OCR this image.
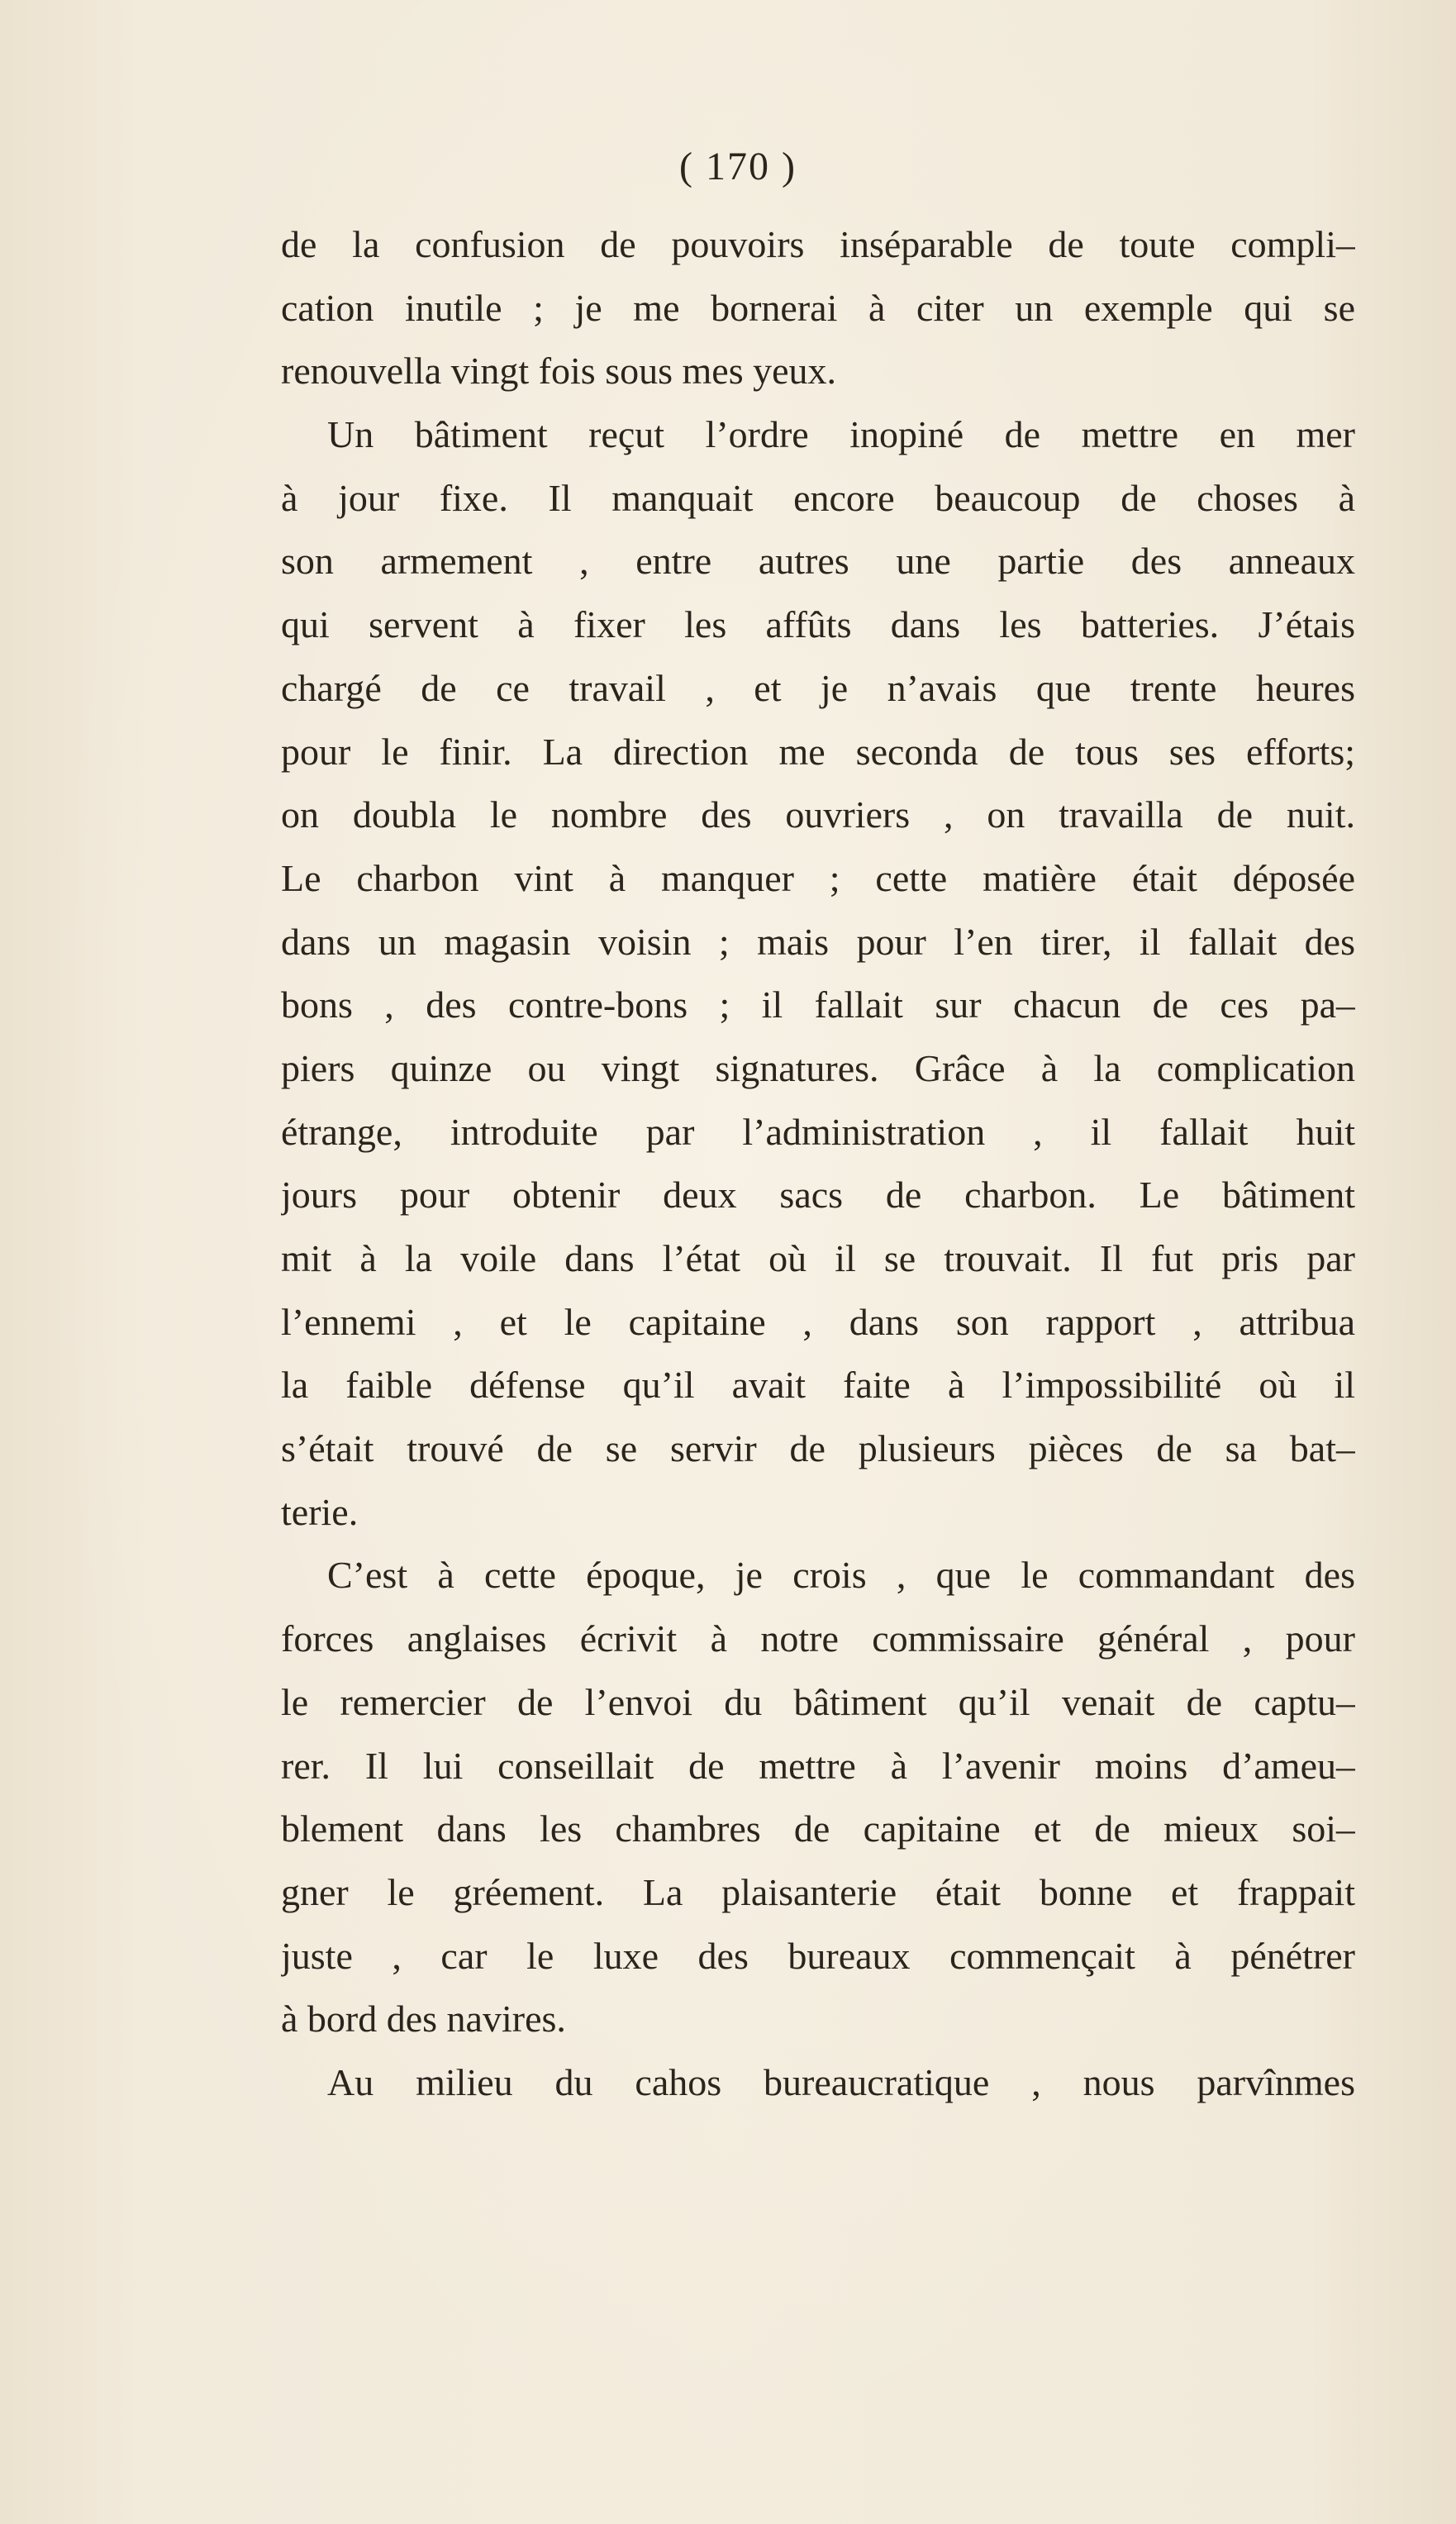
( 170 )
de la confusion de pouvoirs inséparable de toute compli–
cation inutile ; je me bornerai à citer un exemple qui se
renouvella vingt fois sous mes yeux.
Un bâtiment reçut l’ordre inopiné de mettre en mer
à jour fixe. Il manquait encore beaucoup de choses à
son armement , entre autres une partie des anneaux
qui servent à fixer les affûts dans les batteries. J’étais
chargé de ce travail , et je n’avais que trente heures
pour le finir. La direction me seconda de tous ses efforts;
on doubla le nombre des ouvriers , on travailla de nuit.
Le charbon vint à manquer ; cette matière était déposée
dans un magasin voisin ; mais pour l’en tirer, il fallait des
bons , des contre-bons ; il fallait sur chacun de ces pa–
piers quinze ou vingt signatures. Grâce à la complication
étrange, introduite par l’administration , il fallait huit
jours pour obtenir deux sacs de charbon. Le bâtiment
mit à la voile dans l’état où il se trouvait. Il fut pris par
l’ennemi , et le capitaine , dans son rapport , attribua
la faible défense qu’il avait faite à l’impossibilité où il
s’était trouvé de se servir de plusieurs pièces de sa bat–
terie.
C’est à cette époque, je crois , que le commandant des
forces anglaises écrivit à notre commissaire général , pour
le remercier de l’envoi du bâtiment qu’il venait de captu–
rer. Il lui conseillait de mettre à l’avenir moins d’ameu–
blement dans les chambres de capitaine et de mieux soi–
gner le gréement. La plaisanterie était bonne et frappait
juste , car le luxe des bureaux commençait à pénétrer
à bord des navires.
Au milieu du cahos bureaucratique , nous parvînmes
